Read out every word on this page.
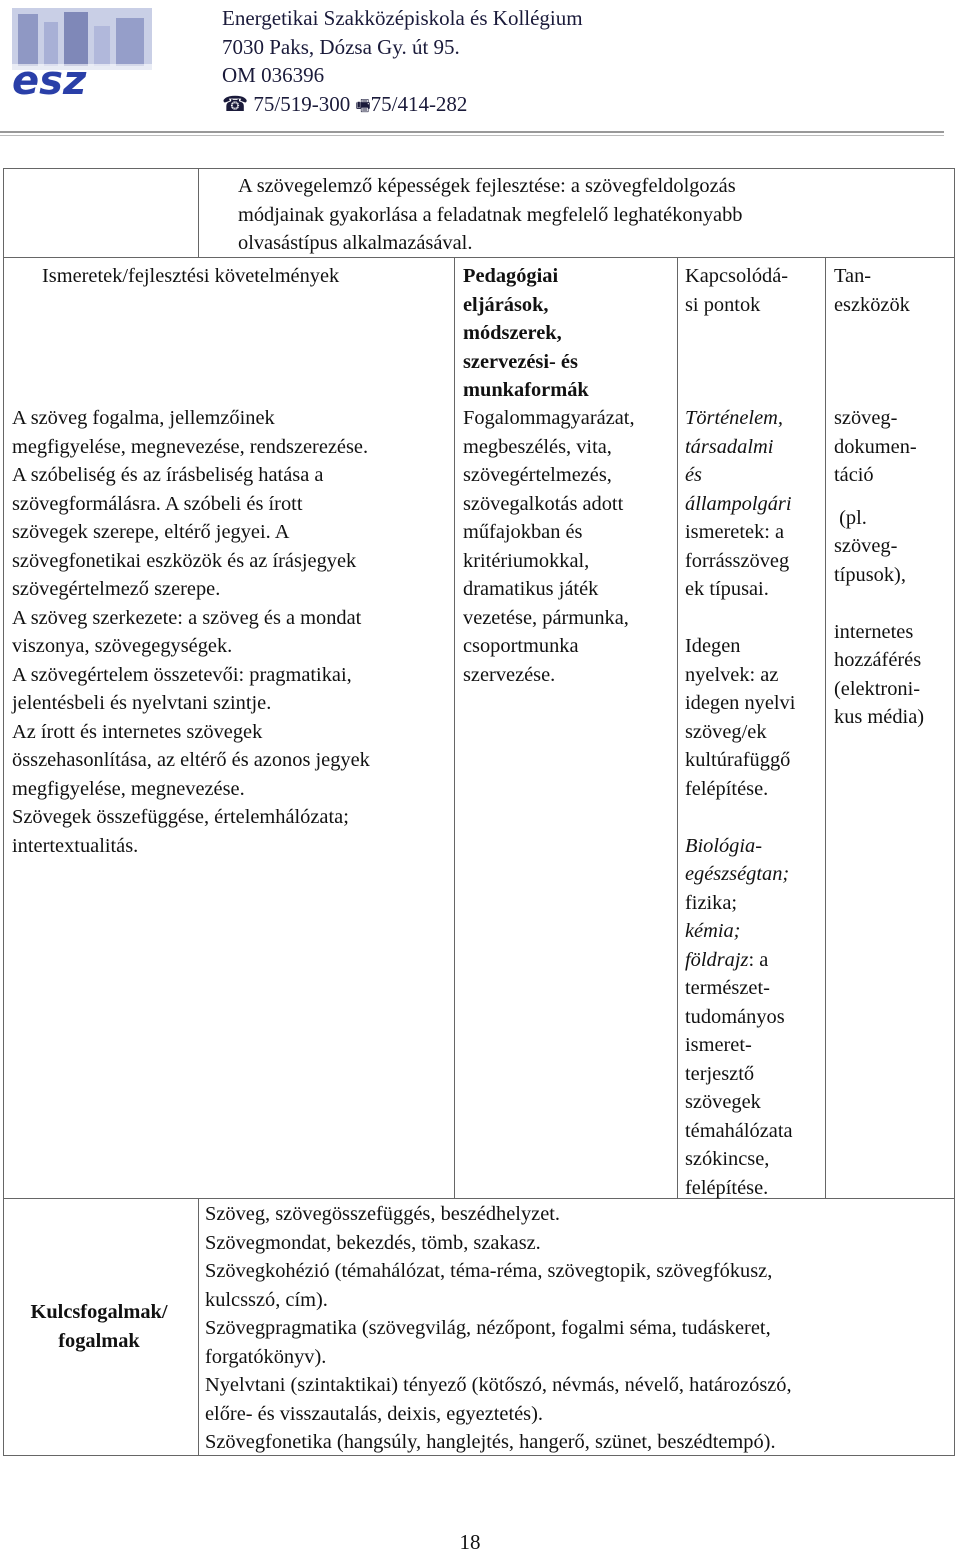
esz
Energetikai Szakközépiskola és Kollégium
7030 Paks, Dózsa Gy. út 95.
OM 036396
☎ 75/519-300 🖷75/414-282
A szövegelemző képességek fejlesztése: a szövegfeldolgozás
módjainak gyakorlása a feladatnak megfelelő leghatékonyabb
olvasástípus alkalmazásával.
Ismeretek/fejlesztési követelmények	Pedagógiai
eljárások,
módszerek,
szervezési- és
munkaformák
Kapcsolódá-
si pontok
Tan-
eszközök
A szöveg fogalma, jellemzőinek
megfigyelése, megnevezése, rendszerezése.
A szóbeliség és az írásbeliség hatása a
szövegformálásra. A szóbeli és írott
szövegek szerepe, eltérő jegyei. A
szövegfonetikai eszközök és az írásjegyek
szövegértelmező szerepe.
A szöveg szerkezete: a szöveg és a mondat
viszonya, szövegegységek.
A szövegértelem összetevői: pragmatikai,
jelentésbeli és nyelvtani szintje.
Az írott és internetes szövegek
összehasonlítása, az eltérő és azonos jegyek
megfigyelése, megnevezése.
Szövegek összefüggése, értelemhálózata;
intertextualitás.
Fogalommagyarázat,
megbeszélés, vita,
szövegértelmezés,
szövegalkotás adott
műfajokban és
kritériumokkal,
dramatikus játék
vezetése, pármunka,
csoportmunka
szervezése.
Történelem,
társadalmi
és
állampolgári
ismeretek: a
forrásszöveg
ek típusai.
Idegen
nyelvek: az
idegen nyelvi
szöveg/ek
kultúrafüggő
felépítése.
Biológia-
egészségtan;
fizika;
kémia;
földrajz: a
természet-
tudományos
ismeret-
terjesztő
szövegek
témahálózata
szókincse,
felépítése.
szöveg-
dokumen-
táció
(pl.
szöveg-
típusok),
internetes
hozzáférés
(elektroni-
kus média)
Kulcsfogalmak/
fogalmak
Szöveg, szövegösszefüggés, beszédhelyzet.
Szövegmondat, bekezdés, tömb, szakasz.
Szövegkohézió (témahálózat, téma-réma, szövegtopik, szövegfókusz,
kulcsszó, cím).
Szövegpragmatika (szövegvilág, nézőpont, fogalmi séma, tudáskeret,
forgatókönyv).
Nyelvtani (szintaktikai) tényező (kötőszó, névmás, névelő, határozószó,
előre- és visszautalás, deixis, egyeztetés).
Szövegfonetika (hangsúly, hanglejtés, hangerő, szünet, beszédtempó).
18
